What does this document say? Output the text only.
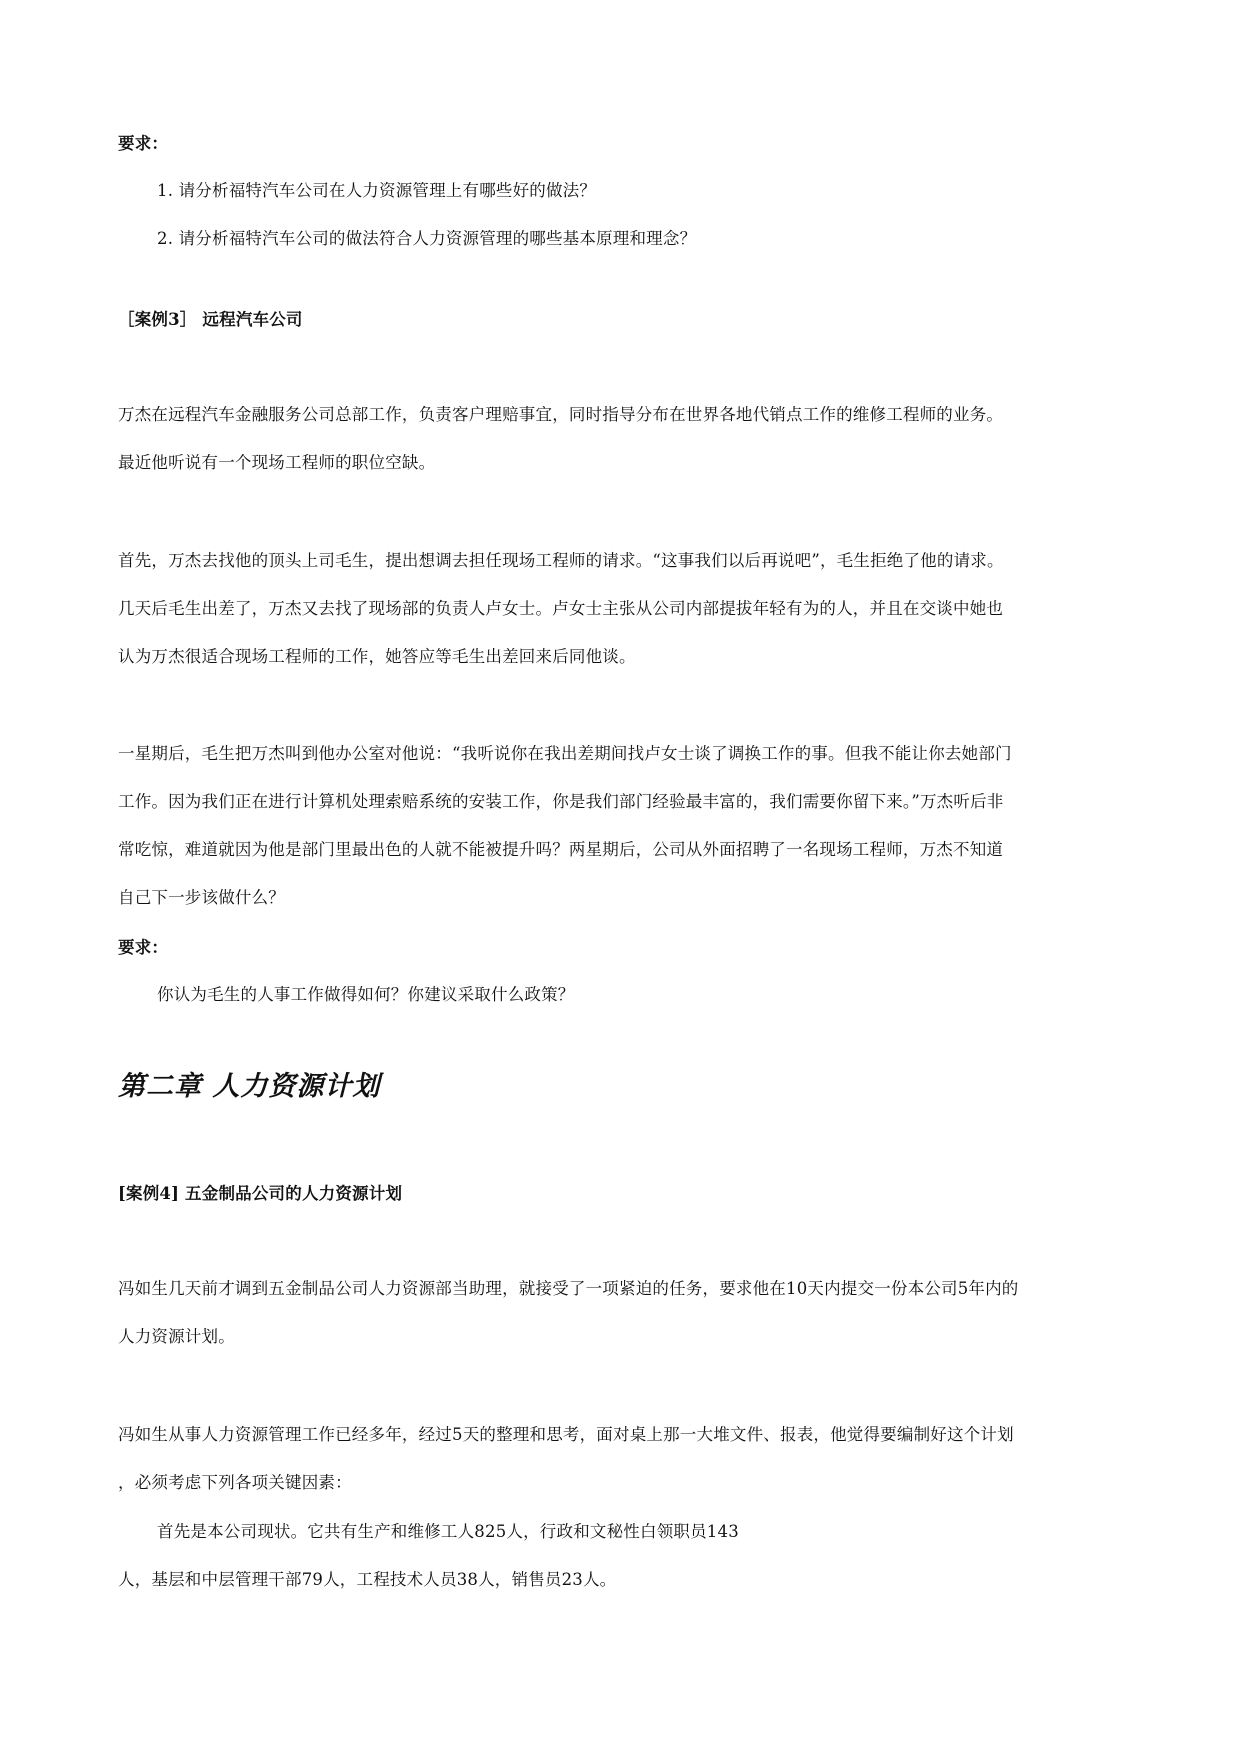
要求：
1. 请分析福特汽车公司在人力资源管理上有哪些好的做法？
2. 请分析福特汽车公司的做法符合人力资源管理的哪些基本原理和理念？
［案例3］ 远程汽车公司
万杰在远程汽车金融服务公司总部工作，负责客户理赔事宜，同时指导分布在世界各地代销点工作的维修工程师的业务。
最近他听说有一个现场工程师的职位空缺。
首先，万杰去找他的顶头上司毛生，提出想调去担任现场工程师的请求。“这事我们以后再说吧”，毛生拒绝了他的请求。
几天后毛生出差了，万杰又去找了现场部的负责人卢女士。卢女士主张从公司内部提拔年轻有为的人，并且在交谈中她也
认为万杰很适合现场工程师的工作，她答应等毛生出差回来后同他谈。
一星期后，毛生把万杰叫到他办公室对他说：“我听说你在我出差期间找卢女士谈了调换工作的事。但我不能让你去她部门
工作。因为我们正在进行计算机处理索赔系统的安装工作，你是我们部门经验最丰富的，我们需要你留下来。”万杰听后非
常吃惊，难道就因为他是部门里最出色的人就不能被提升吗？两星期后，公司从外面招聘了一名现场工程师，万杰不知道
自己下一步该做什么？
要求：
你认为毛生的人事工作做得如何？你建议采取什么政策？
第二章 人力资源计划
[案例4] 五金制品公司的人力资源计划
冯如生几天前才调到五金制品公司人力资源部当助理，就接受了一项紧迫的任务，要求他在10天内提交一份本公司5年内的
人力资源计划。
冯如生从事人力资源管理工作已经多年，经过5天的整理和思考，面对桌上那一大堆文件、报表，他觉得要编制好这个计划
，必须考虑下列各项关键因素：
首先是本公司现状。它共有生产和维修工人825人，行政和文秘性白领职员143
人，基层和中层管理干部79人，工程技术人员38人，销售员23人。
